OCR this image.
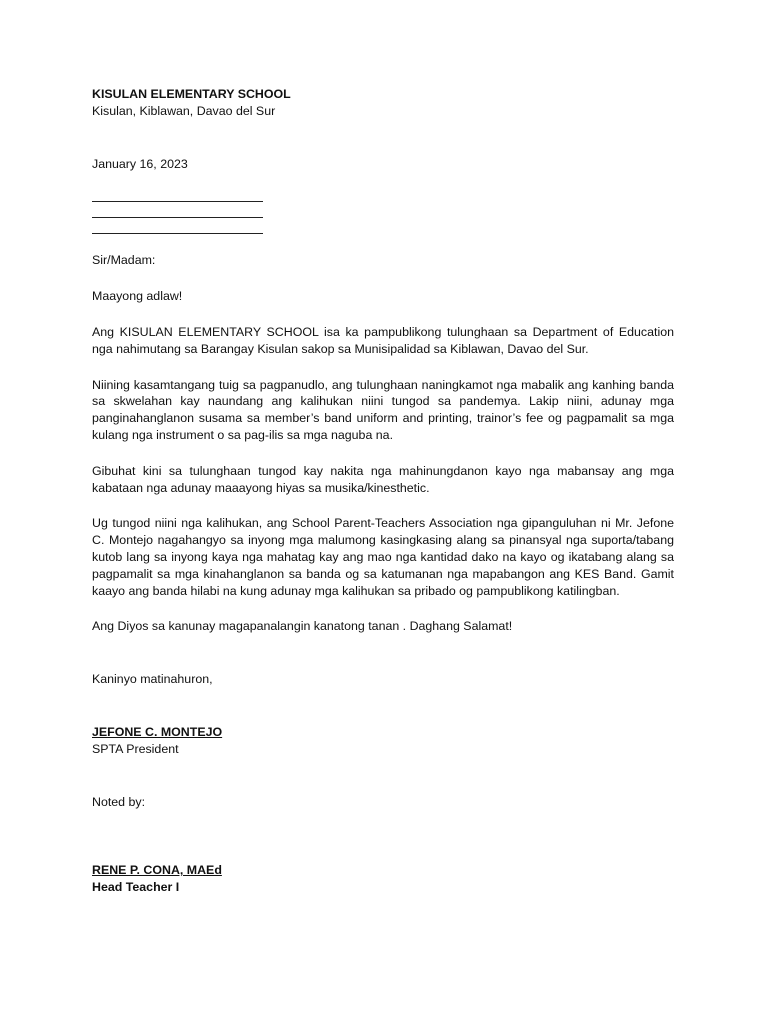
KISULAN ELEMENTARY SCHOOL

Kisulan, Kiblawan, Davao del Sur

January 16, 2023

Sir/Madam:

Maayong adlaw!

Ang KISULAN ELEMENTARY SCHOOL isa ka pampublikong tulunghaan sa Department of Education nga nahimutang sa Barangay Kisulan sakop sa Munisipalidad sa Kiblawan, Davao del Sur.

Niining kasamtangang tuig sa pagpanudlo, ang tulunghaan naningkamot nga mabalik ang kanhing banda sa skwelahan kay naundang ang kalihukan niini tungod sa pandemya. Lakip niini, adunay mga panginahanglanon susama sa member’s band uniform and printing, trainor’s fee og pagpamalit sa mga kulang nga instrument o sa pag-ilis sa mga naguba na.

Gibuhat kini sa tulunghaan tungod kay nakita nga mahinungdanon kayo nga mabansay ang mga kabataan nga adunay maaayong hiyas sa musika/kinesthetic.

Ug tungod niini nga kalihukan, ang School Parent-Teachers Association nga gipanguluhan ni Mr. Jefone C. Montejo nagahangyo sa inyong mga malumong kasingkasing alang sa pinansyal nga suporta/tabang kutob lang sa inyong kaya nga mahatag kay ang mao nga kantidad dako na kayo og ikatabang alang sa pagpamalit sa mga kinahanglanon sa banda og sa katumanan nga mapabangon ang KES Band. Gamit kaayo ang banda hilabi na kung adunay mga kalihukan sa pribado og pampublikong katilingban.

Ang Diyos sa kanunay magapanalangin kanatong tanan . Daghang Salamat!

Kaninyo matinahuron,

JEFONE C. MONTEJO

SPTA President

Noted by:

RENE P. CONA, MAEd

Head Teacher I
